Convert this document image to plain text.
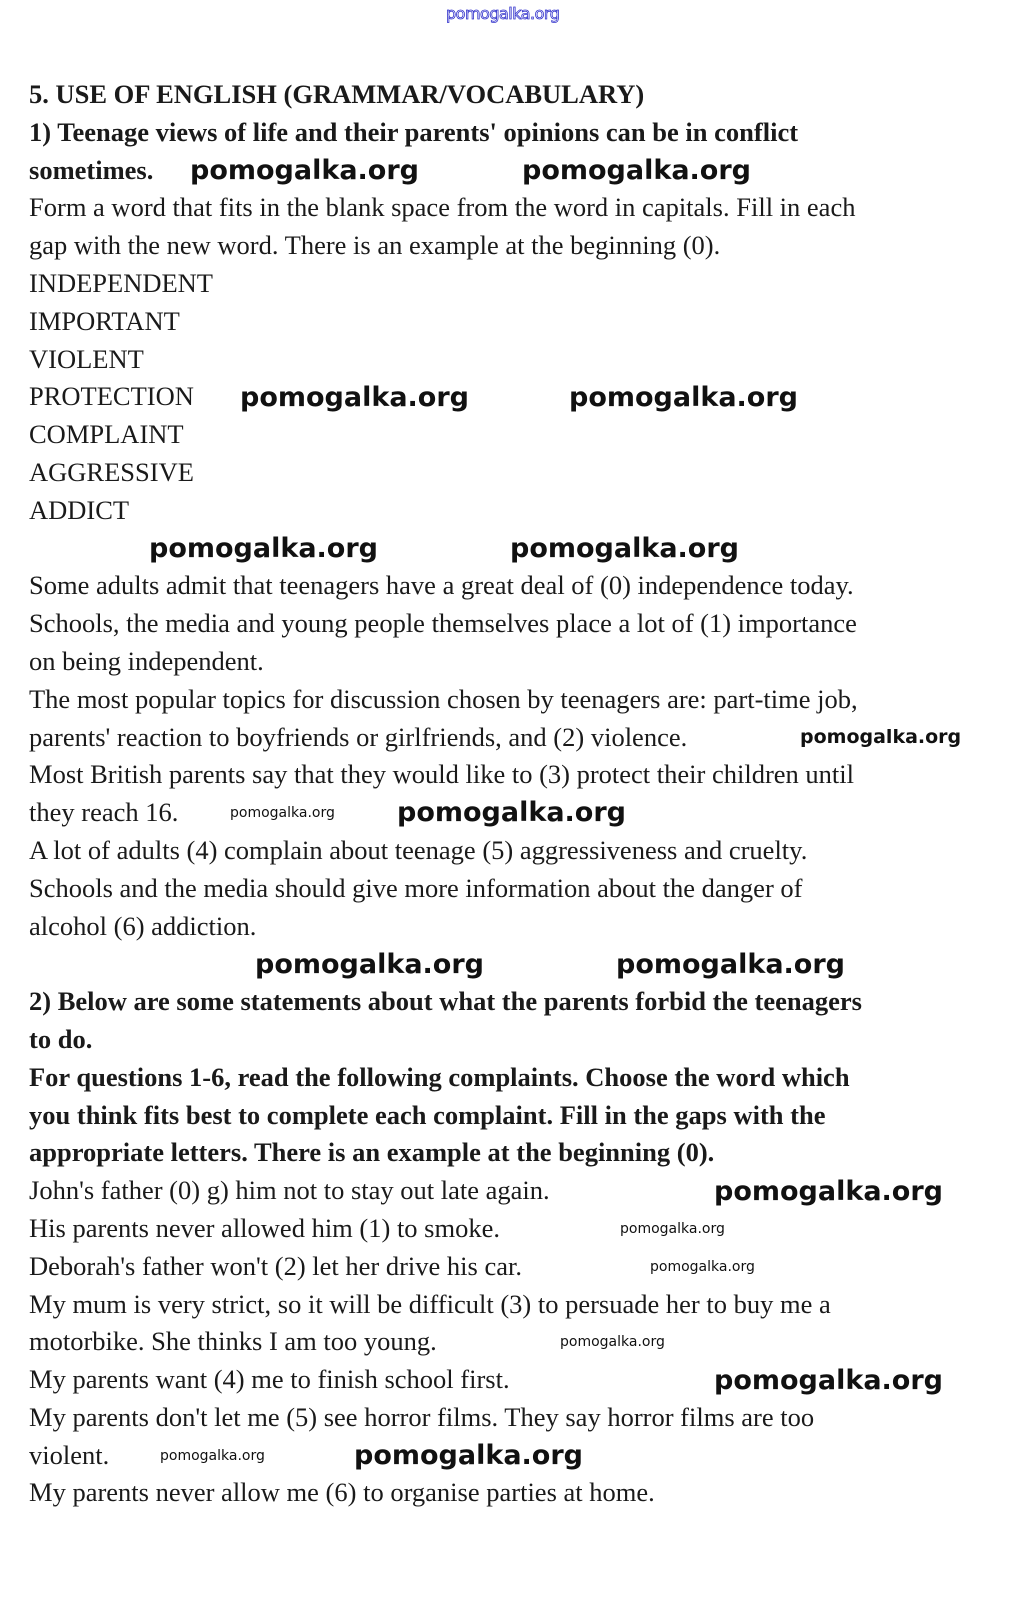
pomogalka.org
5. USE OF ENGLISH (GRAMMAR/VOCABULARY)
1) Teenage views of life and their parents' opinions can be in conflict
sometimes.
Form a word that fits in the blank space from the word in capitals. Fill in each
gap with the new word. There is an example at the beginning (0).
INDEPENDENT
IMPORTANT
VIOLENT
PROTECTION
COMPLAINT
AGGRESSIVE
ADDICT
Some adults admit that teenagers have a great deal of (0) independence today.
Schools, the media and young people themselves place a lot of (1) importance
on being independent.
The most popular topics for discussion chosen by teenagers are: part-time job,
parents' reaction to boyfriends or girlfriends, and (2) violence.
Most British parents say that they would like to (3) protect their children until
they reach 16.
A lot of adults (4) complain about teenage (5) aggressiveness and cruelty.
Schools and the media should give more information about the danger of
alcohol (6) addiction.
2) Below are some statements about what the parents forbid the teenagers
to do.
For questions 1-6, read the following complaints. Choose the word which
you think fits best to complete each complaint. Fill in the gaps with the
appropriate letters. There is an example at the beginning (0).
John's father (0) g) him not to stay out late again.
His parents never allowed him (1) to smoke.
Deborah's father won't (2) let her drive his car.
My mum is very strict, so it will be difficult (3) to persuade her to buy me a
motorbike. She thinks I am too young.
My parents want (4) me to finish school first.
My parents don't let me (5) see horror films. They say horror films are too
violent.
My parents never allow me (6) to organise parties at home.
pomogalka.org	pomogalka.org
pomogalka.org	pomogalka.org
pomogalka.org	pomogalka.org
pomogalka.org
pomogalka.org pomogalka.org
pomogalka.org	pomogalka.org
pomogalka.org
pomogalka.org
pomogalka.org
pomogalka.org
pomogalka.org
pomogalka.org	pomogalka.org
